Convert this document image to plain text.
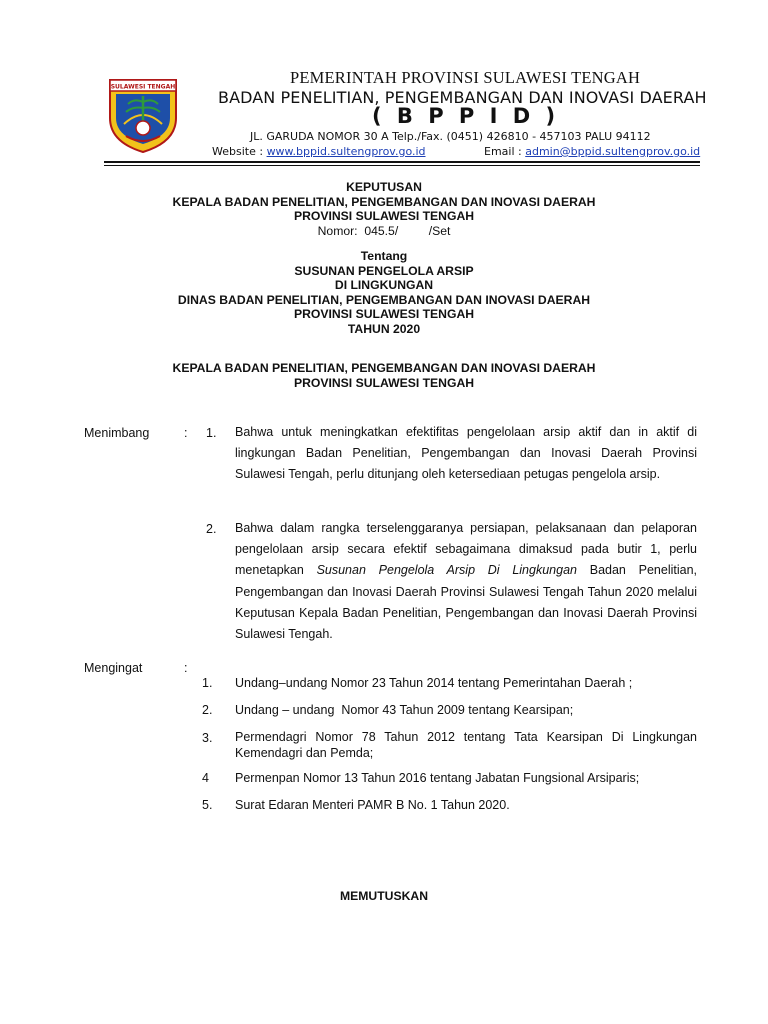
SULAWESI TENGAH	PEMERINTAH PROVINSI SULAWESI TENGAH
BADAN PENELITIAN, PENGEMBANGAN DAN INOVASI DAERAH
( B P P I D )
JL. GARUDA NOMOR 30 A Telp./Fax. (0451) 426810 - 457103 PALU 94112
Website : www.bppid.sultengprov.go.id	Email : admin@bppid.sultengprov.go.id
KEPUTUSAN
KEPALA BADAN PENELITIAN, PENGEMBANGAN DAN INOVASI DAERAH
PROVINSI SULAWESI TENGAH
Nomor:  045.5/         /Set
Tentang
SUSUNAN PENGELOLA ARSIP
DI LINGKUNGAN
DINAS BADAN PENELITIAN, PENGEMBANGAN DAN INOVASI DAERAH
PROVINSI SULAWESI TENGAH
TAHUN 2020
KEPALA BADAN PENELITIAN, PENGEMBANGAN DAN INOVASI DAERAH
PROVINSI SULAWESI TENGAH
Menimbang	: 1. Bahwa untuk meningkatkan efektifitas pengelolaan arsip aktif dan in aktif di lingkungan Badan Penelitian, Pengembangan dan Inovasi Daerah Provinsi Sulawesi Tengah, perlu ditunjang oleh ketersediaan petugas pengelola arsip.
2. Bahwa dalam rangka terselenggaranya persiapan, pelaksanaan dan pelaporan pengelolaan arsip secara efektif sebagaimana dimaksud pada butir 1, perlu menetapkan Susunan Pengelola Arsip Di Lingkungan Badan Penelitian, Pengembangan dan Inovasi Daerah Provinsi Sulawesi Tengah Tahun 2020 melalui Keputusan Kepala Badan Penelitian, Pengembangan dan Inovasi Daerah Provinsi Sulawesi Tengah.
Mengingat	:
1. Undang–undang Nomor 23 Tahun 2014 tentang Pemerintahan Daerah ;
2. Undang – undang  Nomor 43 Tahun 2009 tentang Kearsipan;
3. Permendagri Nomor 78 Tahun 2012 tentang Tata Kearsipan Di Lingkungan Kemendagri dan Pemda;
4 Permenpan Nomor 13 Tahun 2016 tentang Jabatan Fungsional Arsiparis;
5. Surat Edaran Menteri PAMR B No. 1 Tahun 2020.
MEMUTUSKAN
